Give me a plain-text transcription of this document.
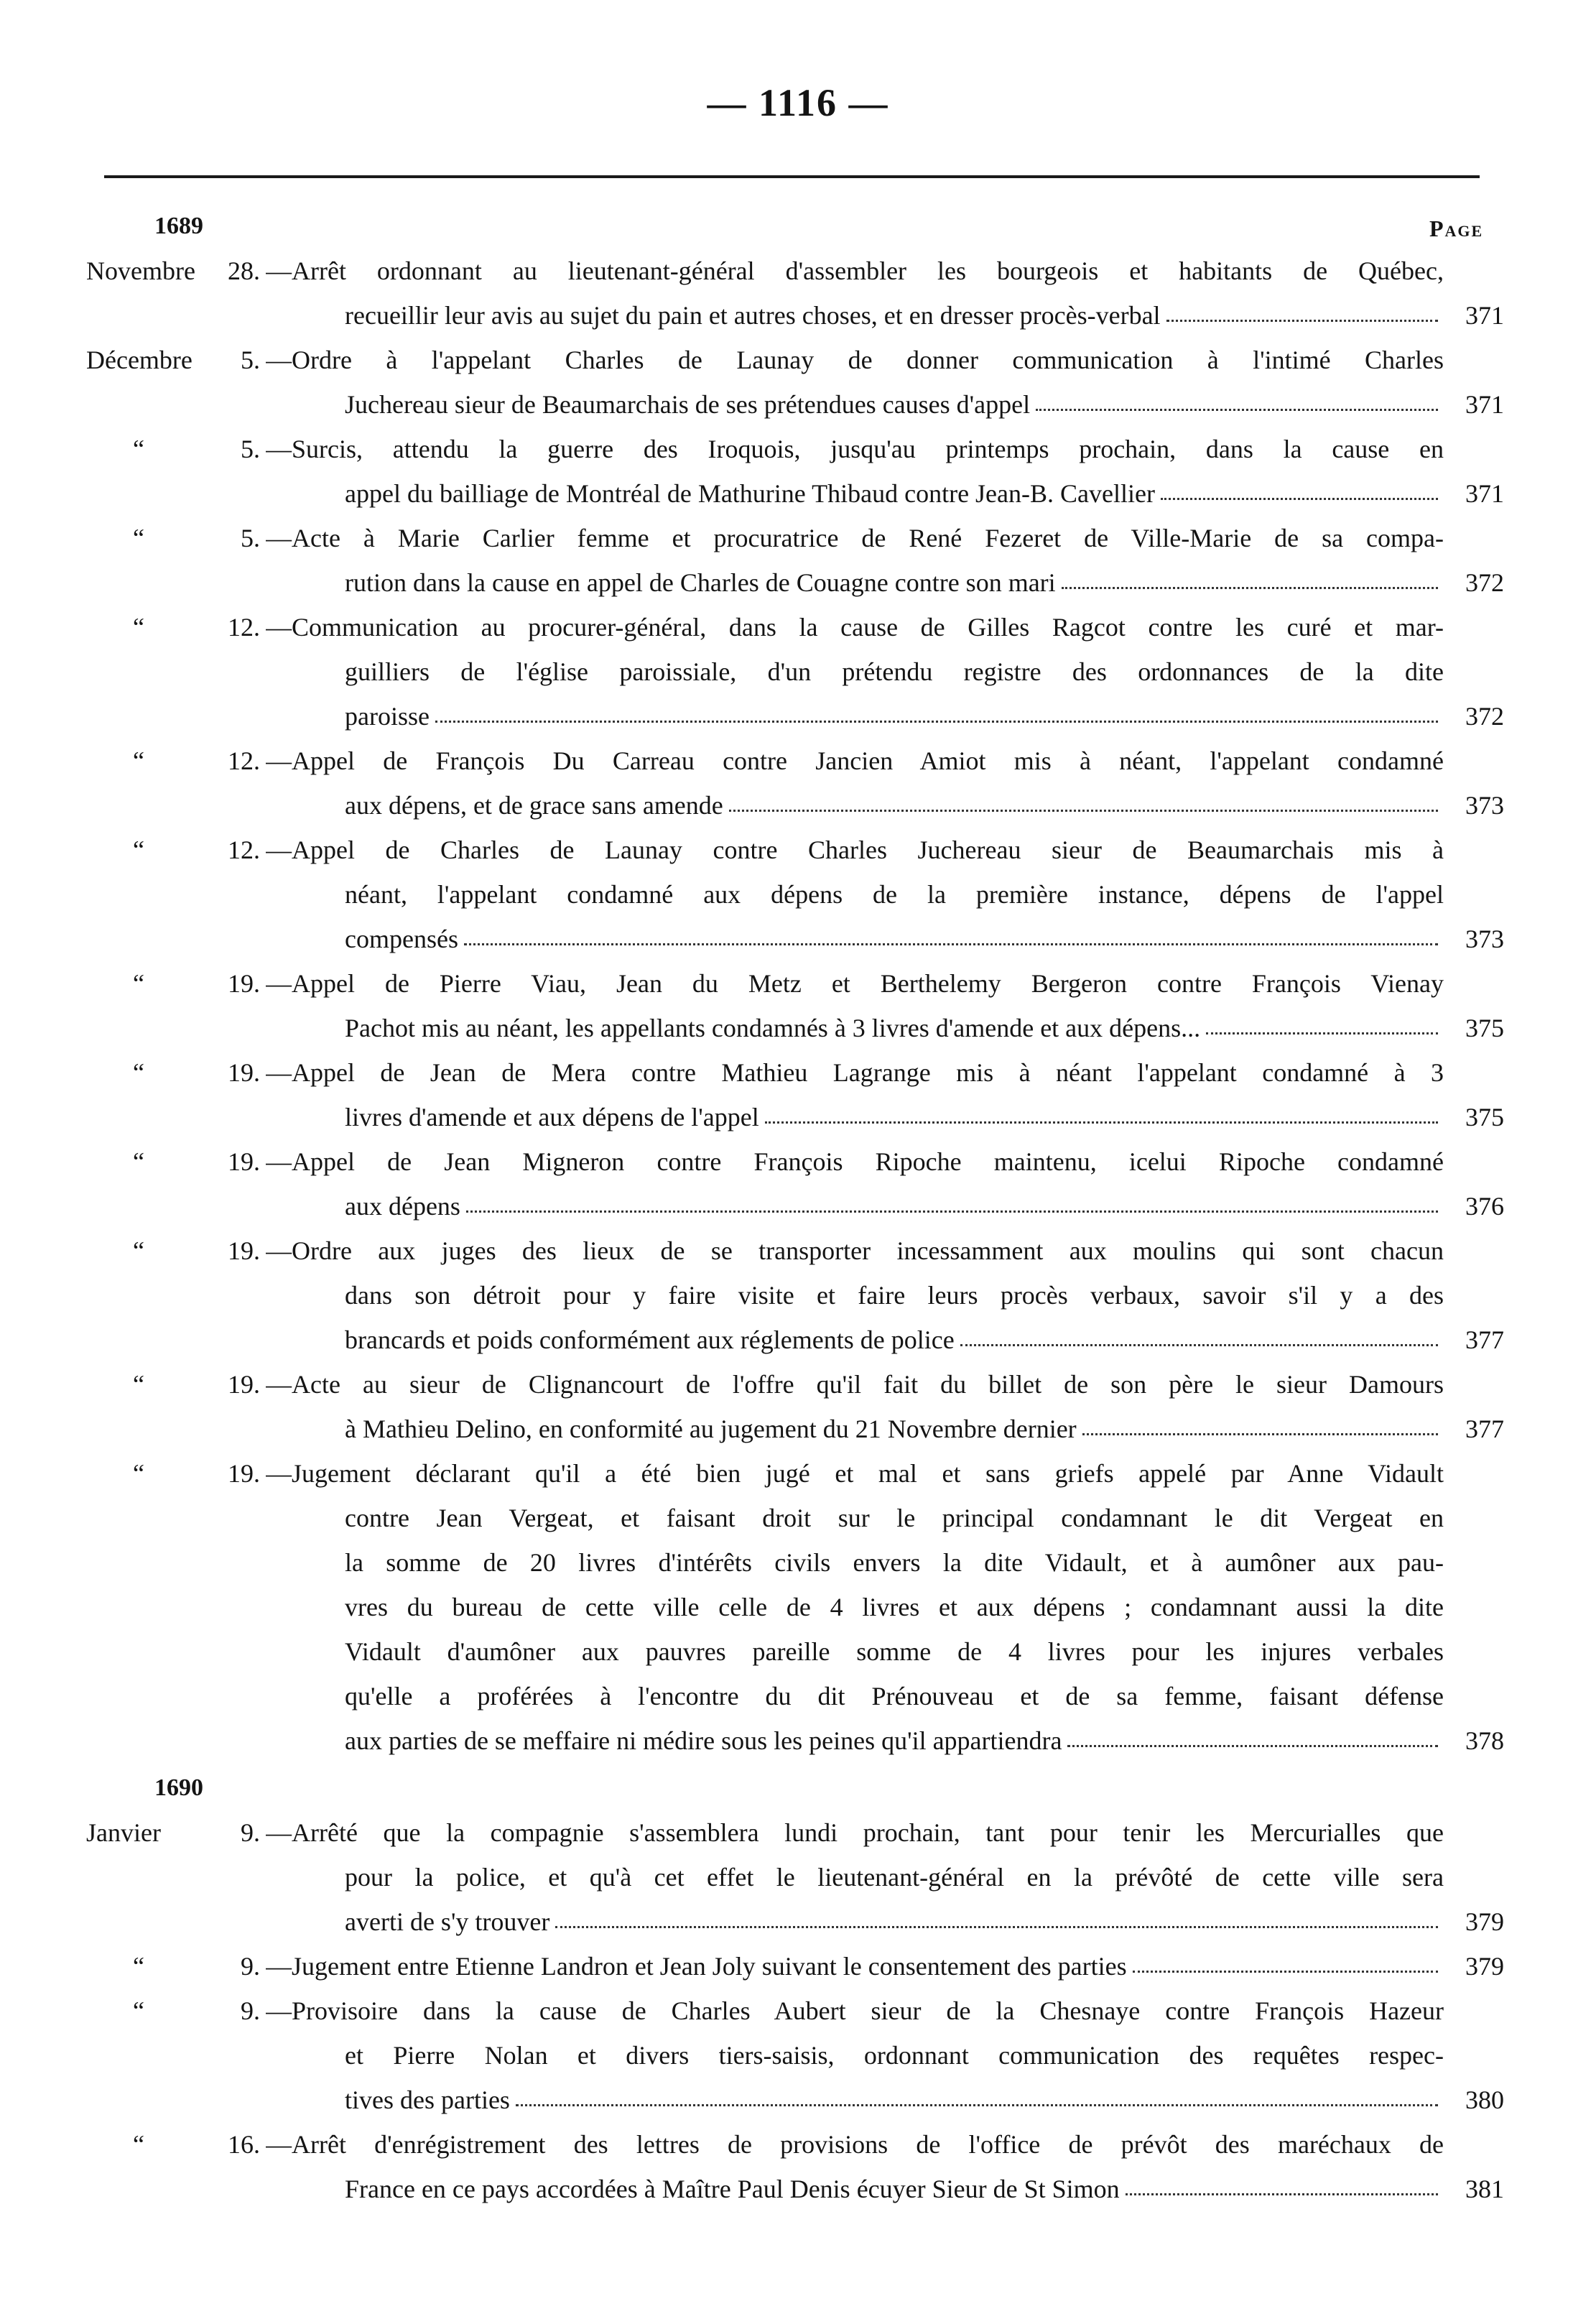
— 1116 —
Page
1689
Novembre	28. —Arrêt ordonnant au lieutenant-général d'assembler les bourgeois et habitants de Québec,
recueillir leur avis au sujet du pain et autres choses, et en dresser procès-verbal	371
Décembre	5. —Ordre à l'appelant Charles de Launay de donner communication à l'intimé Charles
Juchereau sieur de Beaumarchais de ses prétendues causes d'appel	371
“	5. —Surcis, attendu la guerre des Iroquois, jusqu'au printemps prochain, dans la cause en
appel du bailliage de Montréal de Mathurine Thibaud contre Jean-B. Cavellier	371
“	5. —Acte à Marie Carlier femme et procuratrice de René Fezeret de Ville-Marie de sa compa-
rution dans la cause en appel de Charles de Couagne contre son mari	372
“	12. —Communication au procurer-général, dans la cause de Gilles Ragcot contre les curé et mar-
guilliers de l'église paroissiale, d'un prétendu registre des ordonnances de la dite
paroisse	372
“	12. —Appel de François Du Carreau contre Jancien Amiot mis à néant, l'appelant condamné
aux dépens, et de grace sans amende	373
“	12. —Appel de Charles de Launay contre Charles Juchereau sieur de Beaumarchais mis à
néant, l'appelant condamné aux dépens de la première instance, dépens de l'appel
compensés	373
“	19. —Appel de Pierre Viau, Jean du Metz et Berthelemy Bergeron contre François Vienay
Pachot mis au néant, les appellants condamnés à 3 livres d'amende et aux dépens...	375
“	19. —Appel de Jean de Mera contre Mathieu Lagrange mis à néant l'appelant condamné à 3
livres d'amende et aux dépens de l'appel	375
“	19. —Appel de Jean Migneron contre François Ripoche maintenu, icelui Ripoche condamné
aux dépens	376
“	19. —Ordre aux juges des lieux de se transporter incessamment aux moulins qui sont chacun
dans son détroit pour y faire visite et faire leurs procès verbaux, savoir s'il y a des
brancards et poids conformément aux réglements de police	377
“	19. —Acte au sieur de Clignancourt de l'offre qu'il fait du billet de son père le sieur Damours
à Mathieu Delino, en conformité au jugement du 21 Novembre dernier	377
“	19. —Jugement déclarant qu'il a été bien jugé et mal et sans griefs appelé par Anne Vidault
contre Jean Vergeat, et faisant droit sur le principal condamnant le dit Vergeat en
la somme de 20 livres d'intérêts civils envers la dite Vidault, et à aumôner aux pau-
vres du bureau de cette ville celle de 4 livres et aux dépens ; condamnant aussi la dite
Vidault d'aumôner aux pauvres pareille somme de 4 livres pour les injures verbales
qu'elle a proférées à l'encontre du dit Prénouveau et de sa femme, faisant défense
aux parties de se meffaire ni médire sous les peines qu'il appartiendra	378
1690
Janvier	9. —Arrêté que la compagnie s'assemblera lundi prochain, tant pour tenir les Mercurialles que
pour la police, et qu'à cet effet le lieutenant-général en la prévôté de cette ville sera
averti de s'y trouver	379
“	9. —Jugement entre Etienne Landron et Jean Joly suivant le consentement des parties	379
“	9. —Provisoire dans la cause de Charles Aubert sieur de la Chesnaye contre François Hazeur
et Pierre Nolan et divers tiers-saisis, ordonnant communication des requêtes respec-
tives des parties	380
“	16. —Arrêt d'enrégistrement des lettres de provisions de l'office de prévôt des maréchaux de
France en ce pays accordées à Maître Paul Denis écuyer Sieur de St Simon	381
